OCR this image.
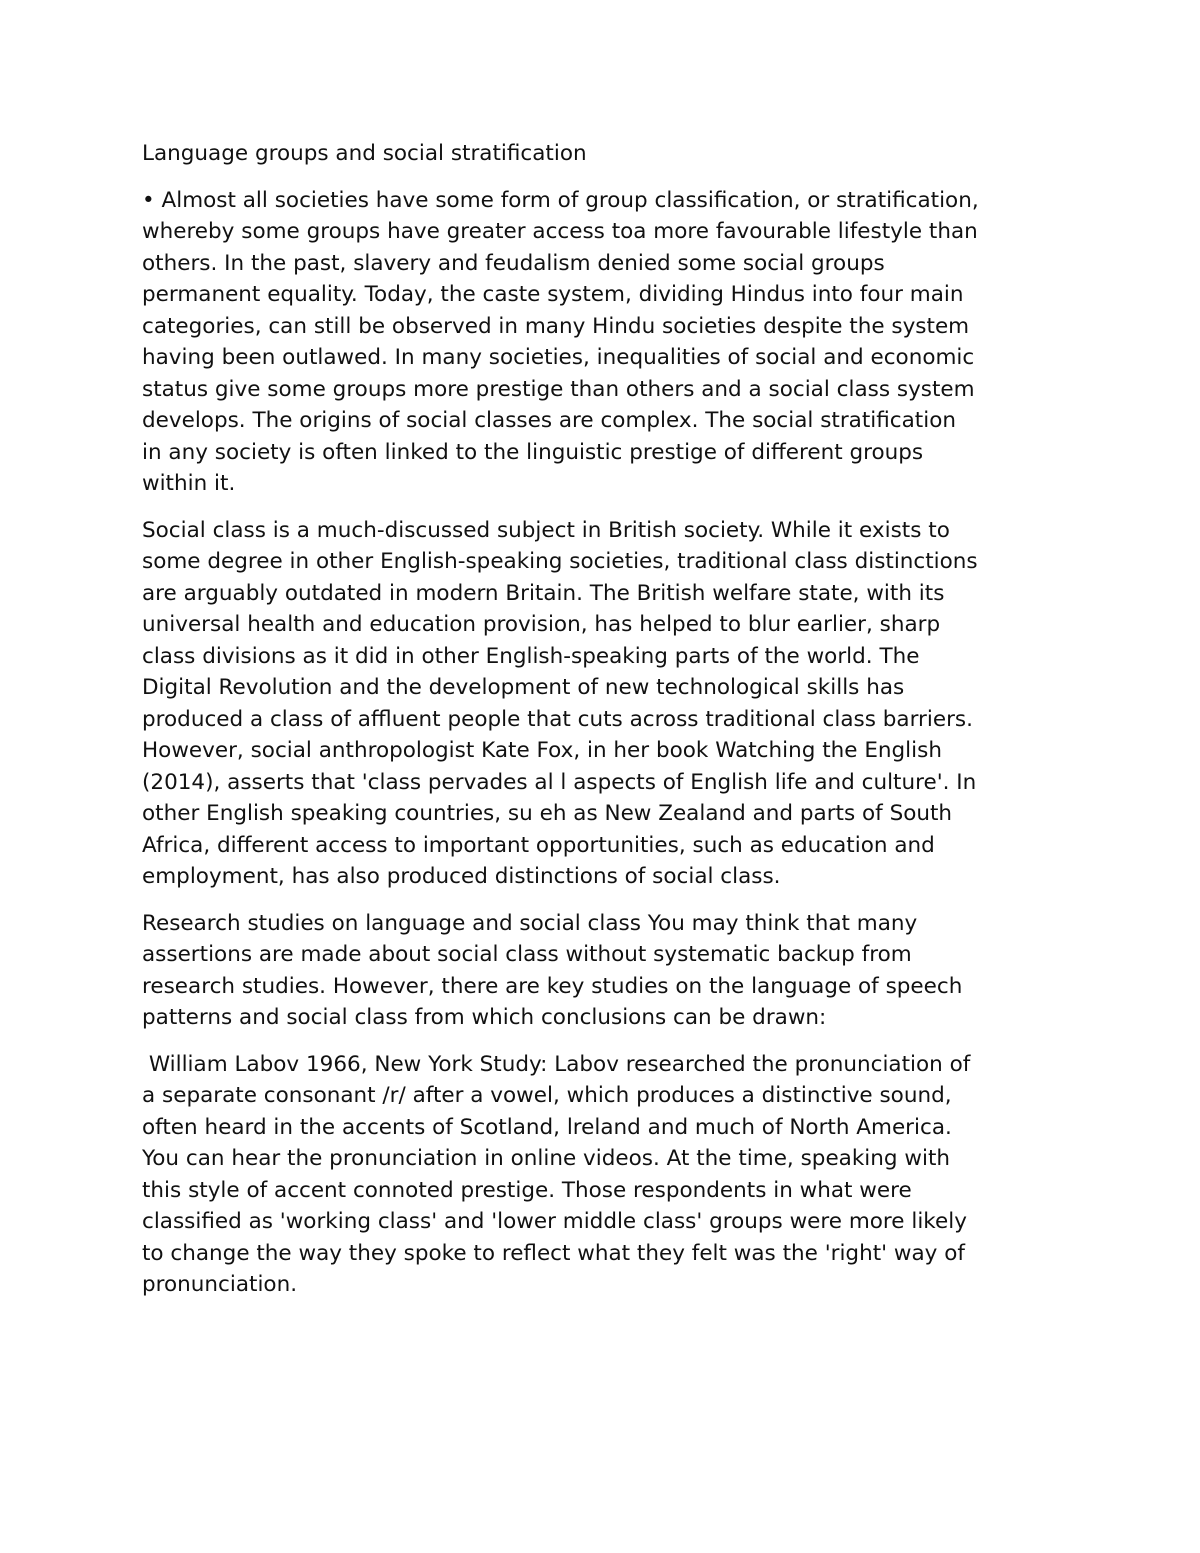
Language groups and social stratification

• Almost all societies have some form of group classification, or stratification,
whereby some groups have greater access toa more favourable lifestyle than
others. In the past, slavery and feudalism denied some social groups
permanent equality. Today, the caste system, dividing Hindus into four main
categories, can still be observed in many Hindu societies despite the system
having been outlawed. In many societies, inequalities of social and economic
status give some groups more prestige than others and a social class system
develops. The origins of social classes are complex. The social stratification
in any society is often linked to the linguistic prestige of different groups
within it.

Social class is a much-discussed subject in British society. While it exists to
some degree in other English-speaking societies, traditional class distinctions
are arguably outdated in modern Britain. The British welfare state, with its
universal health and education provision, has helped to blur earlier, sharp
class divisions as it did in other English-speaking parts of the world. The
Digital Revolution and the development of new technological skills has
produced a class of affluent people that cuts across traditional class barriers.
However, social anthropologist Kate Fox, in her book Watching the English
(2014), asserts that 'class pervades al l aspects of English life and culture'. In
other English speaking countries, su eh as New Zealand and parts of South
Africa, different access to important opportunities, such as education and
employment, has also produced distinctions of social class.

Research studies on language and social class You may think that many
assertions are made about social class without systematic backup from
research studies. However, there are key studies on the language of speech
patterns and social class from which conclusions can be drawn:

William Labov 1966, New York Study: Labov researched the pronunciation of
a separate consonant /r/ after a vowel, which produces a distinctive sound,
often heard in the accents of Scotland, lreland and much of North America.
You can hear the pronunciation in online videos. At the time, speaking with
this style of accent connoted prestige. Those respondents in what were
classified as 'working class' and 'lower middle class' groups were more likely
to change the way they spoke to reflect what they felt was the 'right' way of
pronunciation.
